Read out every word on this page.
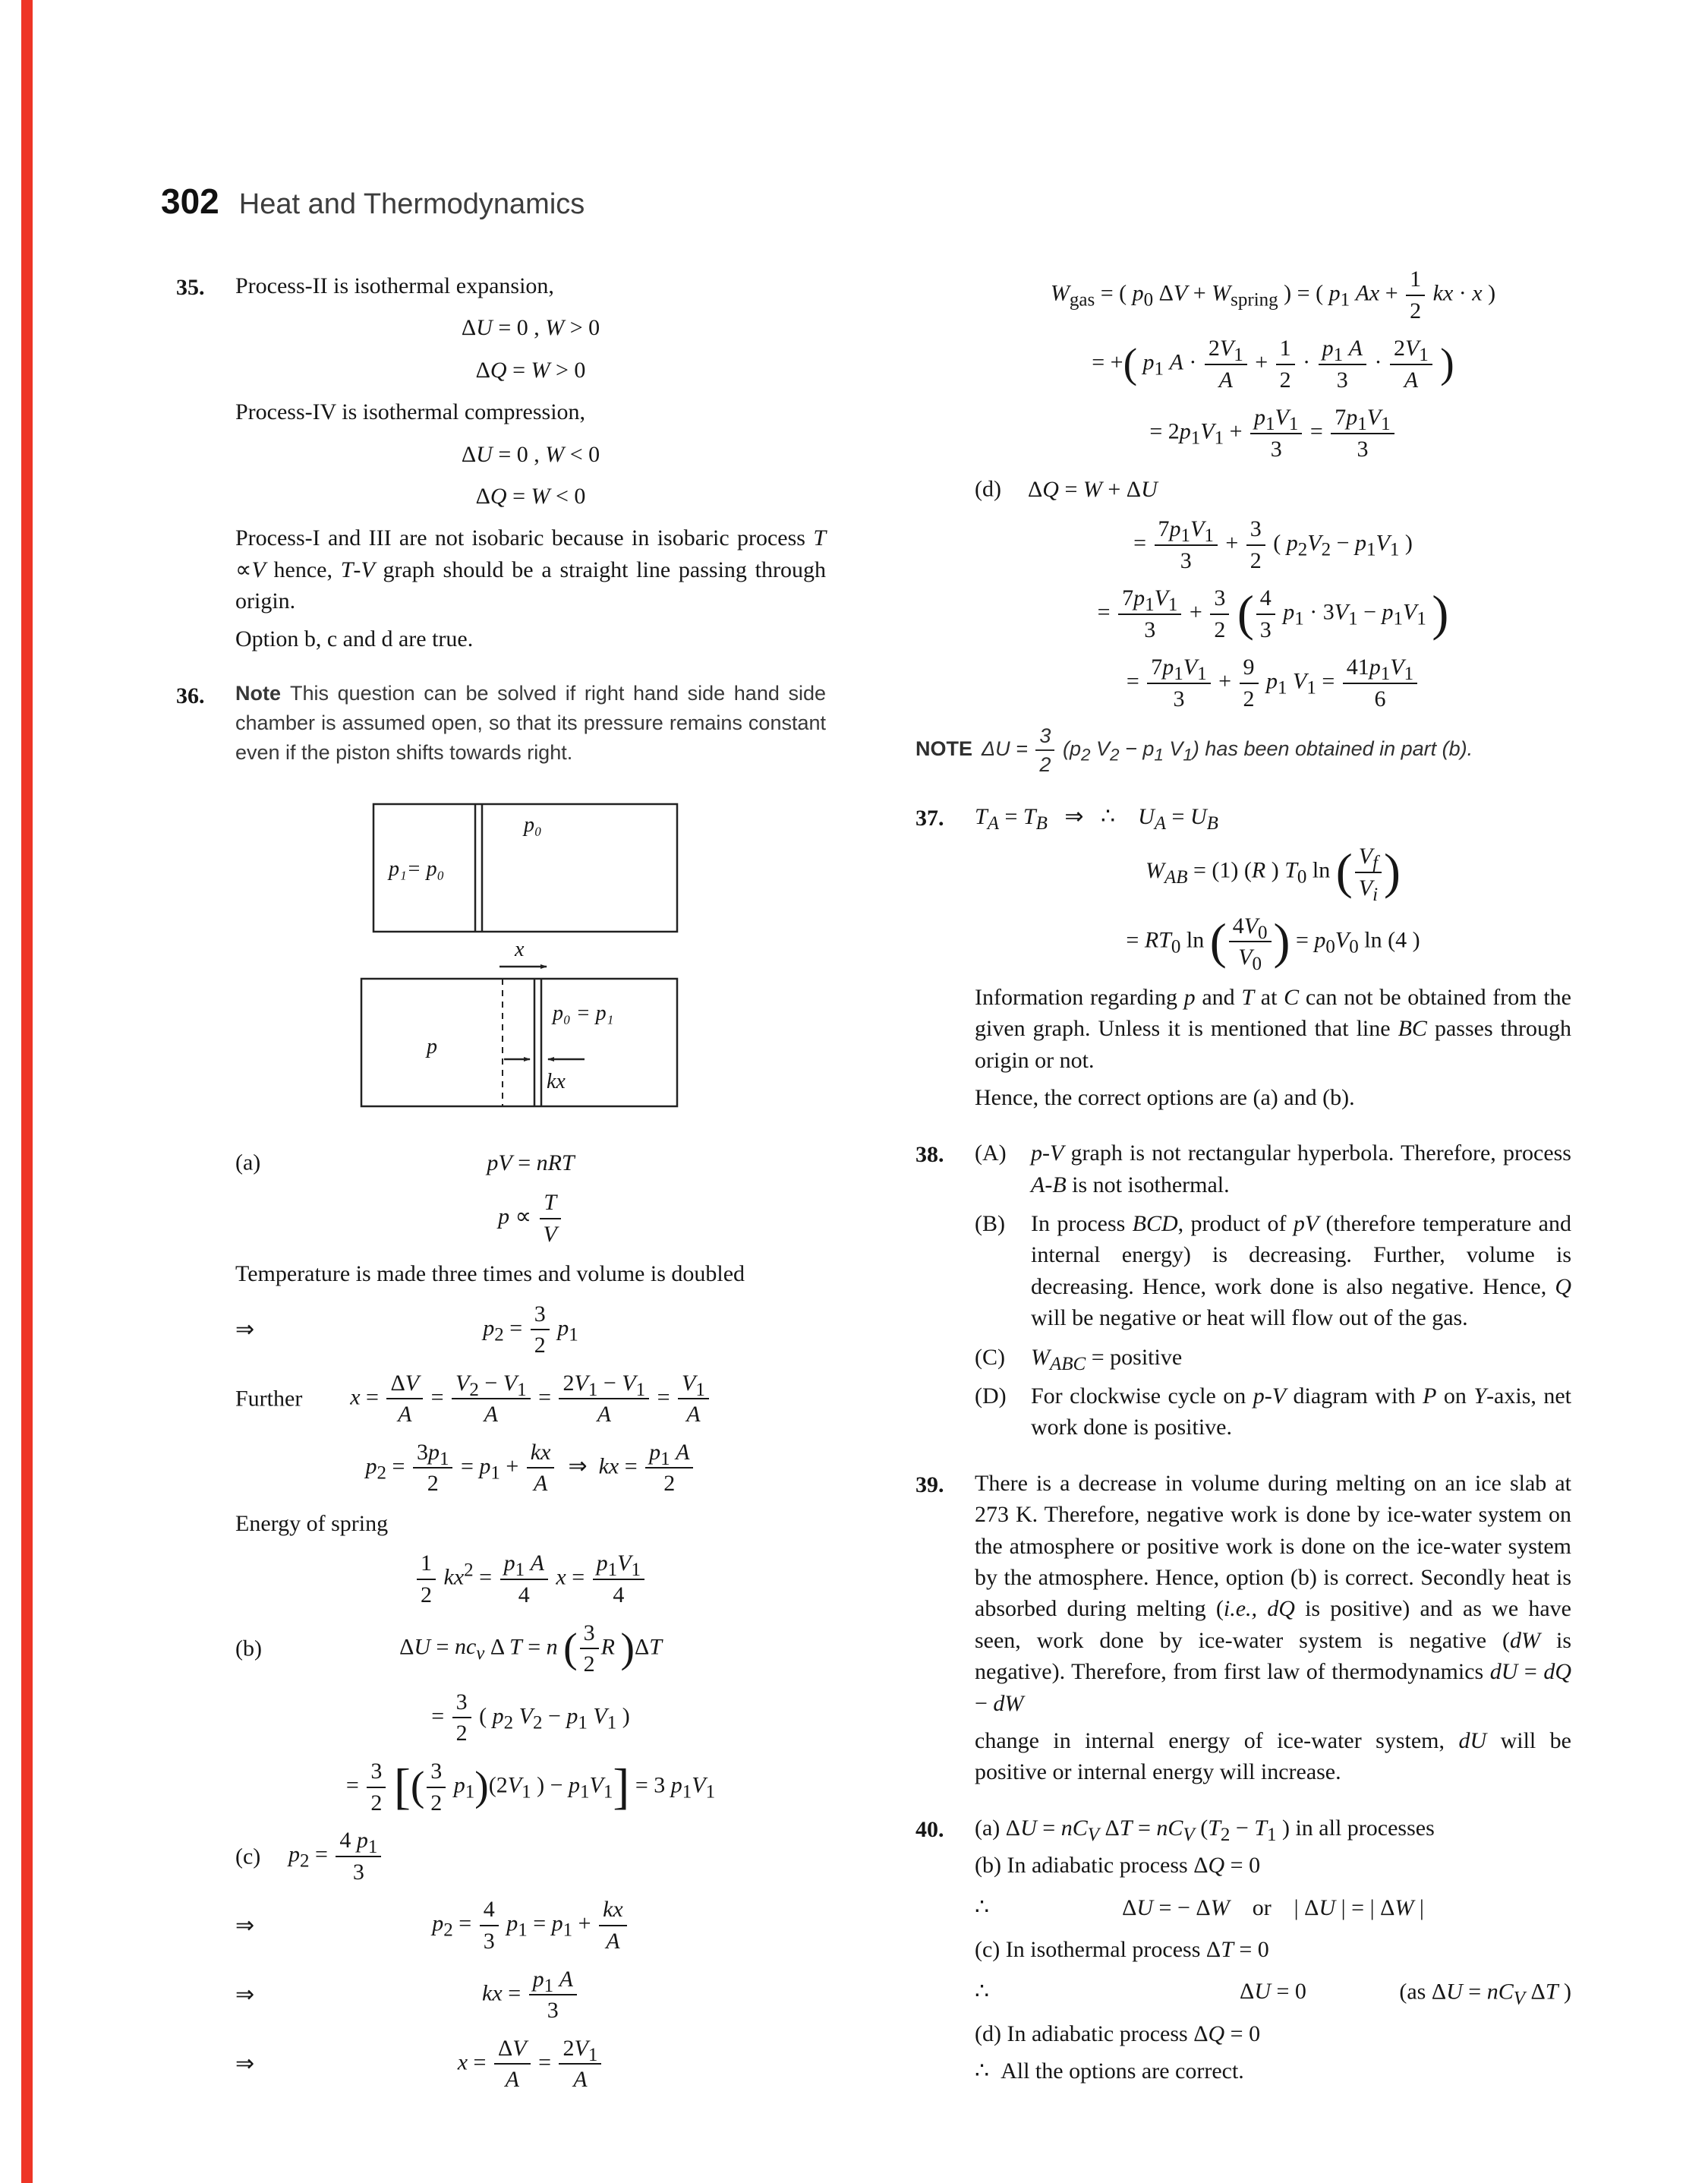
302 Heat and Thermodynamics
35. Process-II is isothermal expansion,

ΔU = 0 , W > 0
ΔQ = W > 0

Process-IV is isothermal compression,

ΔU = 0 , W < 0
ΔQ = W < 0

Process-I and III are not isobaric because in isobaric process T ∝V hence, T-V graph should be a straight line passing through origin.

Option b, c and d are true.

36. Note This question can be solved if right hand side hand side chamber is assumed open, so that its pressure remains constant even if the piston shifts towards right.

p₁= p₀
p₀
x
p
p₀ = p₁
kx
(a)	pV = nRT
$p \propto \frac{T}{V}$

Temperature is made three times and volume is doubled

⇒	$p_2 = \frac{3}{2} p_1$
Further $x = \frac{\Delta V}{A} = \frac{V_2 - V_1}{A} = \frac{2V_1 - V_1}{A} = \frac{V_1}{A}$
$p_2 = \frac{3p_1}{2} = p_1 + \frac{kx}{A}$ ⇒  kx = $\frac{p_1 A}{2}$

Energy of spring

$\frac{1}{2} kx^2 = \frac{p_1 A}{4}$ $x = \frac{p_1V_1}{4}$
(b)	$\Delta U = nc_v$ Δ T = n ( $\frac{3}{2}$ R )ΔT
= $\frac{3}{2}$ ( $p_2$ $V_2 - p_1$ $V_1$ )
= $\frac{3}{2}$ [( $\frac{3}{2} p_1)(2V_1$ ) − $p_1V_1] = 3$ $p_1V_1$
(c) $p_2 = \frac{4 p_1}{3}$
⇒	$p_2 = \frac{4}{3} p_1 = p_1 + \frac{kx}{A}$
⇒	kx = $\frac{p_1 A}{3}$
⇒	$x = \frac{\Delta V}{A} = \frac{2V_1}{A}$
$W_{gas}$ = ( $p_0$ $\Delta V + W_{spring}$ ) = ( $p_1$ $Ax + \frac{1}{2}$ kx · x )
= +( $p_1$ $A \cdot \frac{2V_1}{A} + \frac{1}{2} \cdot \frac{p_1 A}{3} \cdot \frac{2V_1}{A}$ )
= $2p_1V_1 + \frac{p_1V_1}{3} = \frac{7p_1V_1}{3}$
(d) ΔQ = W + ΔU
= $\frac{7p_1V_1}{3} + \frac{3}{2}$ ( $p_2V_2 - p_1V_1$ )
= $\frac{7p_1V_1}{3} + \frac{3}{2}$ ( $\frac{4}{3} p_1 \cdot 3V_1 - p_1V_1$ )
= $\frac{7p_1V_1}{3} + \frac{9}{2} p_1$ $V_1 = \frac{41p_1V_1}{6}$

NOTE $\Delta U = \frac{3}{2} (p_2$ $V_2 - p_1$ $V_1$) has been obtained in part (b).

37. $T_A = T_B$   ⇒   ∴    $U_A = U_B$

$W_{AB} = (1)$ (R ) $T_0$ ln ( $\frac{V_f}{V_i}$ )
= $RT_0$ ln ( $\frac{4V_0}{V_0}$ ) = $p_0V_0$ ln (4 )

Information regarding p and T at C can not be obtained from the given graph. Unless it is mentioned that line BC passes through origin or not.

Hence, the correct options are (a) and (b).

38. (A)	p-V graph is not rectangular hyperbola. Therefore, process A-B is not isothermal.
(B)	In process BCD, product of pV (therefore temperature and internal energy) is decreasing. Further, volume is decreasing. Hence, work done is also negative. Hence, Q will be negative or heat will flow out of the gas.
(C)	$W_{ABC}$ = positive
(D)	For clockwise cycle on p-V diagram with P on Y-axis, net work done is positive.
39. There is a decrease in volume during melting on an ice slab at 273 K. Therefore, negative work is done by ice-water system on the atmosphere or positive work is done on the ice-water system by the atmosphere. Hence, option (b) is correct. Secondly heat is absorbed during melting (i.e., dQ is positive) and as we have seen, work done by ice-water system is negative (dW is negative). Therefore, from first law of thermodynamics dU = dQ − dW

change in internal energy of ice-water system, dU will be positive or internal energy will increase.

40. (a) $\Delta U = nC_V$ $\Delta T = nC_V$ ($T_2 - T_1$ ) in all processes

(b) In adiabatic process ΔQ = 0

∴	ΔU = − ΔW    or    | ΔU | = | ΔW |

(c) In isothermal process ΔT = 0

∴	ΔU = 0	(as $\Delta U = nC_V$ ΔT )

(d) In adiabatic process ΔQ = 0

∴  All the options are correct.
